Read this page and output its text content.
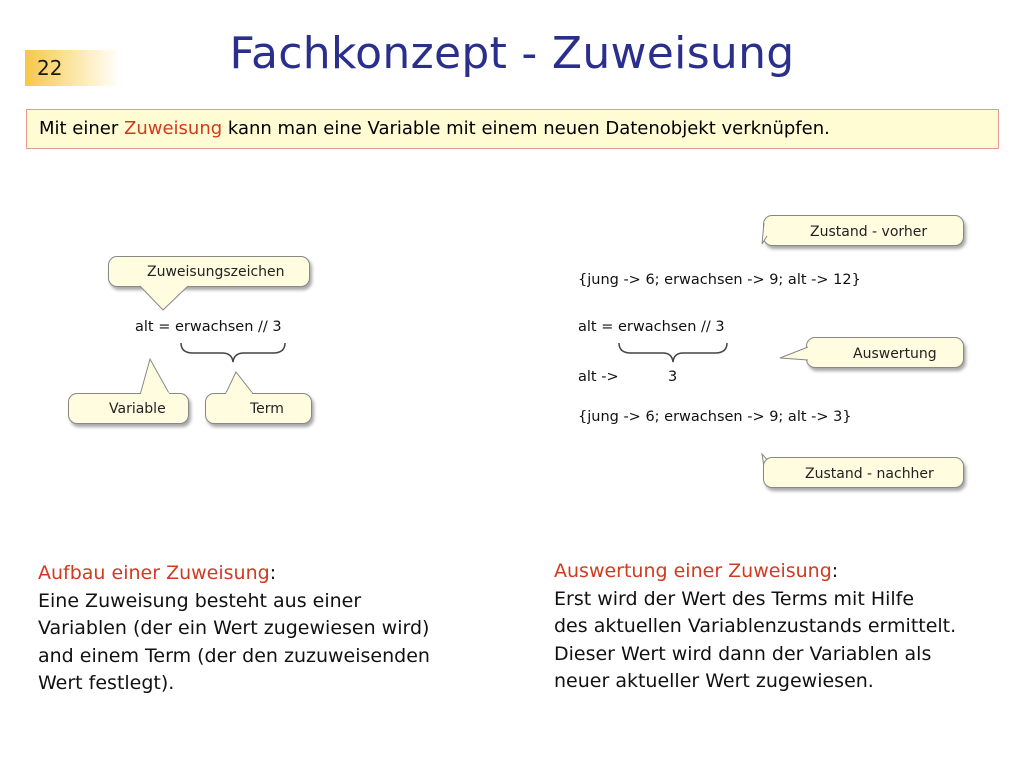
22	Fachkonzept - Zuweisung
Mit einer Zuweisung kann man eine Variable mit einem neuen Datenobjekt verknüpfen.
Zuweisungszeichen
alt = erwachsen // 3
Variable	Term
Zustand - vorher
{jung -> 6; erwachsen -> 9; alt -> 12}
alt = erwachsen // 3
Auswertung
alt ->	3
{jung -> 6; erwachsen -> 9; alt -> 3}
Zustand - nachher
Aufbau einer Zuweisung:
Eine Zuweisung besteht aus einer
Variablen (der ein Wert zugewiesen wird)
and einem Term (der den zuzuweisenden
Wert festlegt).
Auswertung einer Zuweisung:
Erst wird der Wert des Terms mit Hilfe
des aktuellen Variablenzustands ermittelt.
Dieser Wert wird dann der Variablen als
neuer aktueller Wert zugewiesen.
